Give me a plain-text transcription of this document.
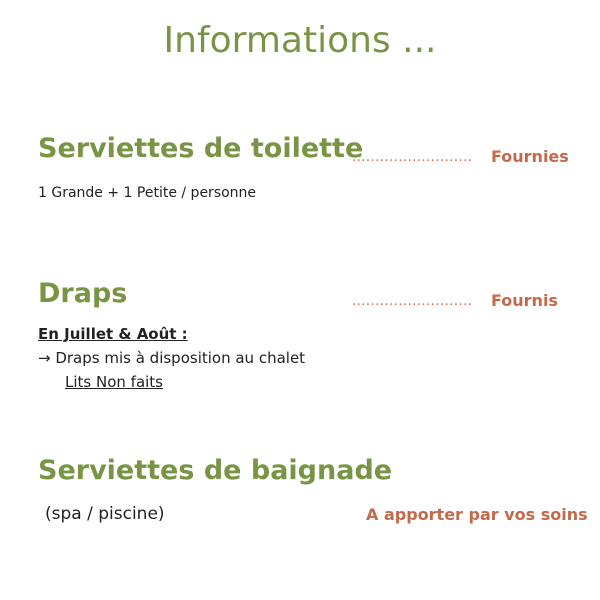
Informations ...
Serviettes de toilette
.......................... Fournies
1 Grande + 1 Petite / personne
Draps	.......................... Fournis
En Juillet & Août :
→ Draps mis à disposition au chalet
Lits Non faits
Serviettes de baignade
(spa / piscine)	A apporter par vos soins
